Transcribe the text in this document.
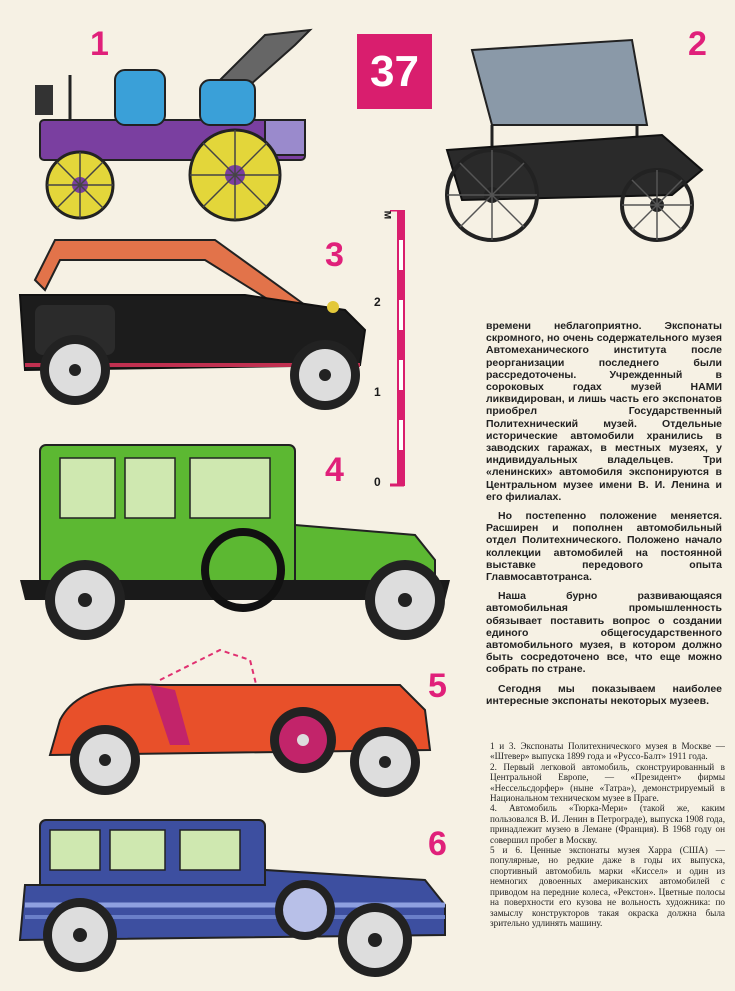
37
1	2
3
4
5
6
м
2
1
0

времени неблагоприятно. Экспонаты скромного, но очень содержательного музея Автомеханического института после реорганизации последнего были рассредоточены. Учрежденный в сороковых годах музей НАМИ ликвидирован, и лишь часть его экспонатов приобрел Государственный Политехнический музей. Отдельные исторические автомобили хранились в заводских гаражах, в местных музеях, у индивидуальных владельцев. Три «ленинских» автомобиля экспонируются в Центральном музее имени В. И. Ленина и его филиалах.

Но постепенно положение меняется. Расширен и пополнен автомобильный отдел Политехнического. Положено начало коллекции автомобилей на постоянной выставке передового опыта Главмосавтотранса.

Наша бурно развивающаяся автомобильная промышленность обязывает поставить вопрос о создании единого общегосударственного автомобильного музея, в котором должно быть сосредоточено все, что еще можно собрать по стране.

Сегодня мы показываем наиболее интересные экспонаты некоторых музеев.

1 и 3. Экспонаты Политехнического музея в Москве — «Штевер» выпуска 1899 года и «Руссо-Балт» 1911 года.

2. Первый легковой автомобиль, сконструированный в Центральной Европе, — «Президент» фирмы «Нессельсдорфер» (ныне «Татра»), демонстрируемый в Национальном техническом музее в Праге.

4. Автомобиль «Тюрка-Мери» (такой же, каким пользовался В. И. Ленин в Петрограде), выпуска 1908 года, принадлежит музею в Лемане (Франция). В 1968 году он совершил пробег в Москву.

5 и 6. Ценные экспонаты музея Харра (США) — популярные, но редкие даже в годы их выпуска, спортивный автомобиль марки «Киссел» и один из немногих довоенных американских автомобилей с приводом на передние колеса, «Рекстон». Цветные полосы на поверхности его кузова не вольность художника: по замыслу конструкторов такая окраска должна была зрительно удлинять машину.
